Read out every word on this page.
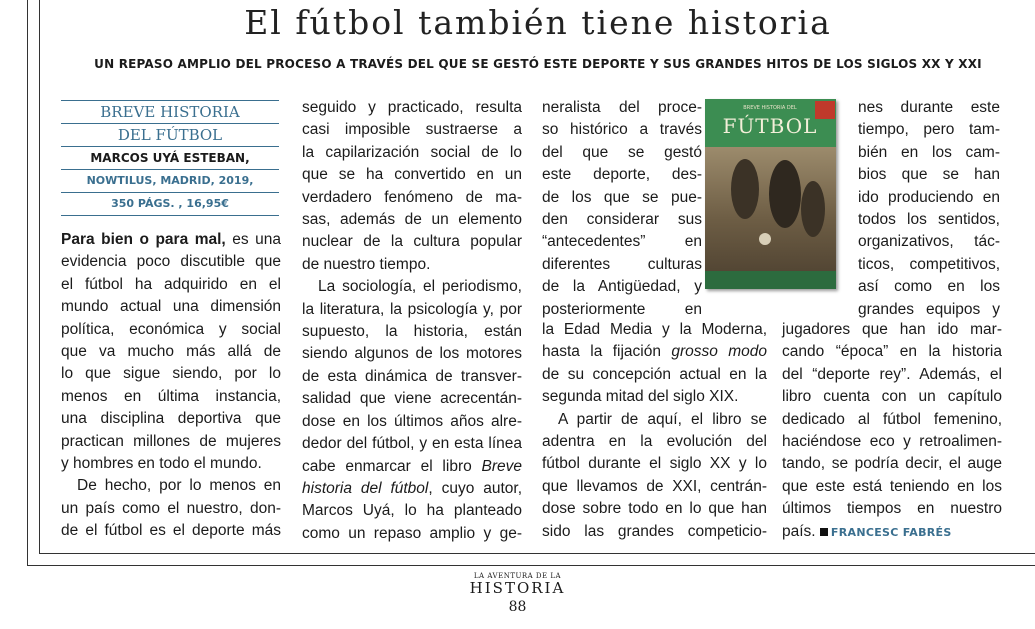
El fútbol también tiene historia
UN REPASO AMPLIO DEL PROCESO A TRAVÉS DEL QUE SE GESTÓ ESTE DEPORTE Y SUS GRANDES HITOS DE LOS SIGLOS XX Y XXI
BREVE HISTORIA
DEL FÚTBOL
MARCOS UYÁ ESTEBAN,
NOWTILUS, MADRID, 2019,
350 PÁGS. , 16,95€

Para bien o para mal, es una

evidencia poco discutible que

el fútbol ha adquirido en el

mundo actual una dimensión

política, económica y social

que va mucho más allá de

lo que sigue siendo, por lo

menos en última instancia,

una disciplina deportiva que

practican millones de mujeres

y hombres en todo el mundo.

De hecho, por lo menos en

un país como el nuestro, don-

de el fútbol es el deporte más

seguido y practicado, resulta

casi imposible sustraerse a

la capilarización social de lo

que se ha convertido en un

verdadero fenómeno de ma-

sas, además de un elemento

nuclear de la cultura popular

de nuestro tiempo.

La sociología, el periodismo,

la literatura, la psicología y, por

supuesto, la historia, están

siendo algunos de los motores

de esta dinámica de transver-

salidad que viene acrecentán-

dose en los últimos años alre-

dedor del fútbol, y en esta línea

cabe enmarcar el libro Breve

historia del fútbol, cuyo autor,

Marcos Uyá, lo ha planteado

como un repaso amplio y ge-

neralista del proce-

so histórico a través

del que se gestó

este deporte, des-

de los que se pue-

den considerar sus

“antecedentes” en

diferentes culturas

de la Antigüedad, y

posteriormente en

la Edad Media y la Moderna,

hasta la fijación grosso modo

de su concepción actual en la

segunda mitad del siglo XIX.

A partir de aquí, el libro se

adentra en la evolución del

fútbol durante el siglo XX y lo

que llevamos de XXI, centrán-

dose sobre todo en lo que han

sido las grandes competicio-

nes durante este

tiempo, pero tam-

bién en los cam-

bios que se han

ido produciendo en

todos los sentidos,

organizativos, tác-

ticos, competitivos,

así como en los

grandes equipos y

jugadores que han ido mar-

cando “época” en la historia

del “deporte rey”. Además, el

libro cuenta con un capítulo

dedicado al fútbol femenino,

haciéndose eco y retroalimen-

tando, se podría decir, el auge

que este está teniendo en los

últimos tiempos en nuestro

país. FRANCESC FABRÉS

BREVE HISTORIA DEL
FÚTBOL
LA AVENTURA DE LA
HISTORIA
88
